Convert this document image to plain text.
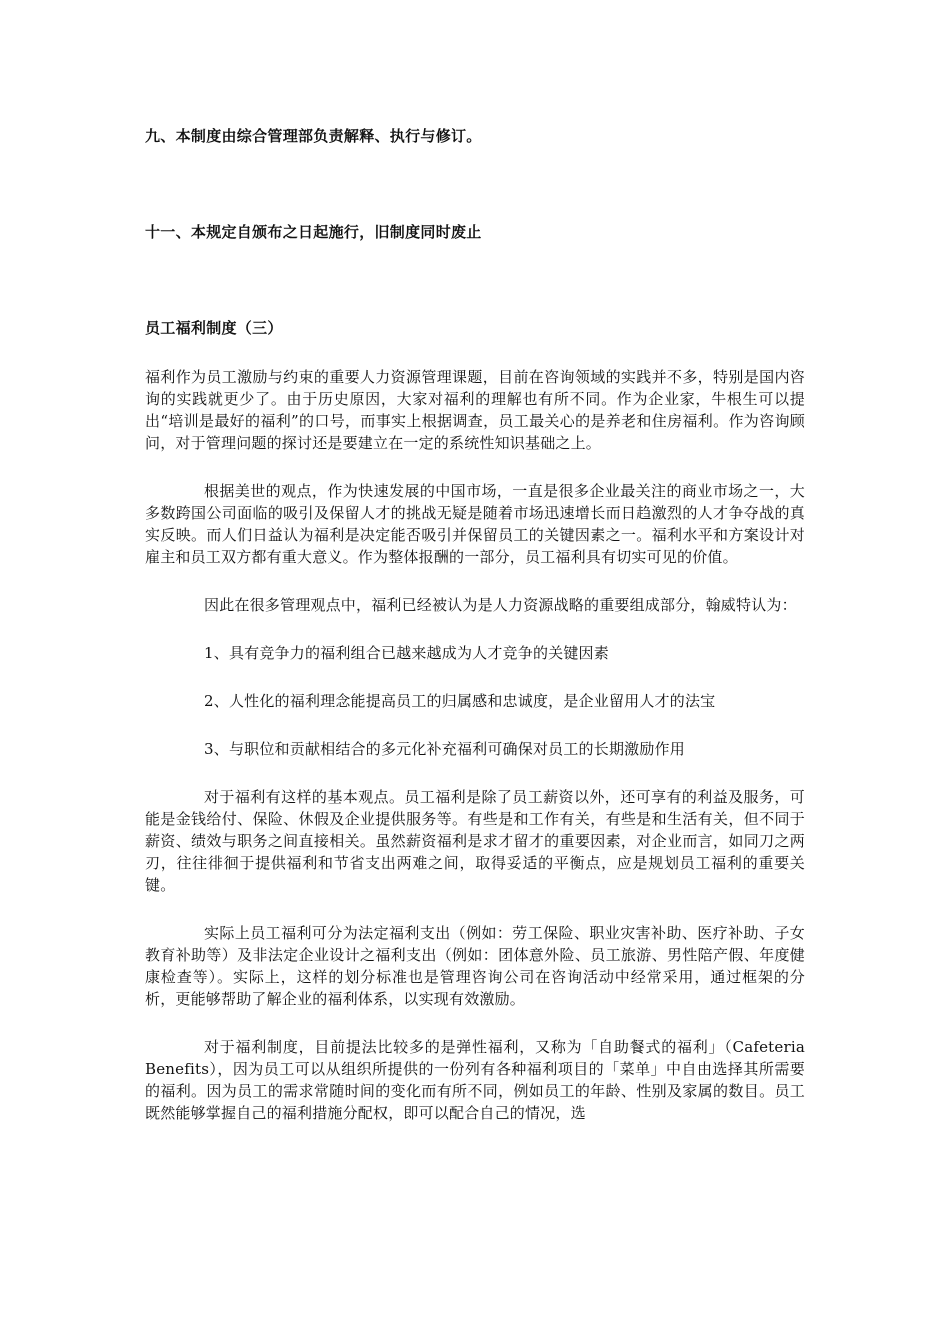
九、本制度由综合管理部负责解释、执行与修订。

十一、本规定自颁布之日起施行，旧制度同时废止

员工福利制度（三）

福利作为员工激励与约束的重要人力资源管理课题，目前在咨询领域的实践并不多，特别是国内咨询的实践就更少了。由于历史原因，大家对福利的理解也有所不同。作为企业家，牛根生可以提出“培训是最好的福利”的口号，而事实上根据调查，员工最关心的是养老和住房福利。作为咨询顾问，对于管理问题的探讨还是要建立在一定的系统性知识基础之上。

根据美世的观点，作为快速发展的中国市场，一直是很多企业最关注的商业市场之一，大多数跨国公司面临的吸引及保留人才的挑战无疑是随着市场迅速增长而日趋激烈的人才争夺战的真实反映。而人们日益认为福利是决定能否吸引并保留员工的关键因素之一。福利水平和方案设计对雇主和员工双方都有重大意义。作为整体报酬的一部分，员工福利具有切实可见的价值。

因此在很多管理观点中，福利已经被认为是人力资源战略的重要组成部分，翰威特认为：

1、具有竞争力的福利组合已越来越成为人才竞争的关键因素

2、人性化的福利理念能提高员工的归属感和忠诚度，是企业留用人才的法宝

3、与职位和贡献相结合的多元化补充福利可确保对员工的长期激励作用

对于福利有这样的基本观点。员工福利是除了员工薪资以外，还可享有的利益及服务，可能是金钱给付、保险、休假及企业提供服务等。有些是和工作有关，有些是和生活有关，但不同于薪资、绩效与职务之间直接相关。虽然薪资福利是求才留才的重要因素，对企业而言，如同刀之两刃，往往徘徊于提供福利和节省支出两难之间，取得妥适的平衡点，应是规划员工福利的重要关键。

实际上员工福利可分为法定福利支出（例如：劳工保险、职业灾害补助、医疗补助、子女教育补助等）及非法定企业设计之福利支出（例如：团体意外险、员工旅游、男性陪产假、年度健康检查等）。实际上，这样的划分标准也是管理咨询公司在咨询活动中经常采用，通过框架的分析，更能够帮助了解企业的福利体系，以实现有效激励。

对于福利制度，目前提法比较多的是弹性福利，又称为「自助餐式的福利」（Cafeteria Benefits），因为员工可以从组织所提供的一份列有各种福利项目的「菜单」中自由选择其所需要的福利。因为员工的需求常随时间的变化而有所不同，例如员工的年龄、性别及家属的数目。员工既然能够掌握自己的福利措施分配权，即可以配合自己的情况，选
